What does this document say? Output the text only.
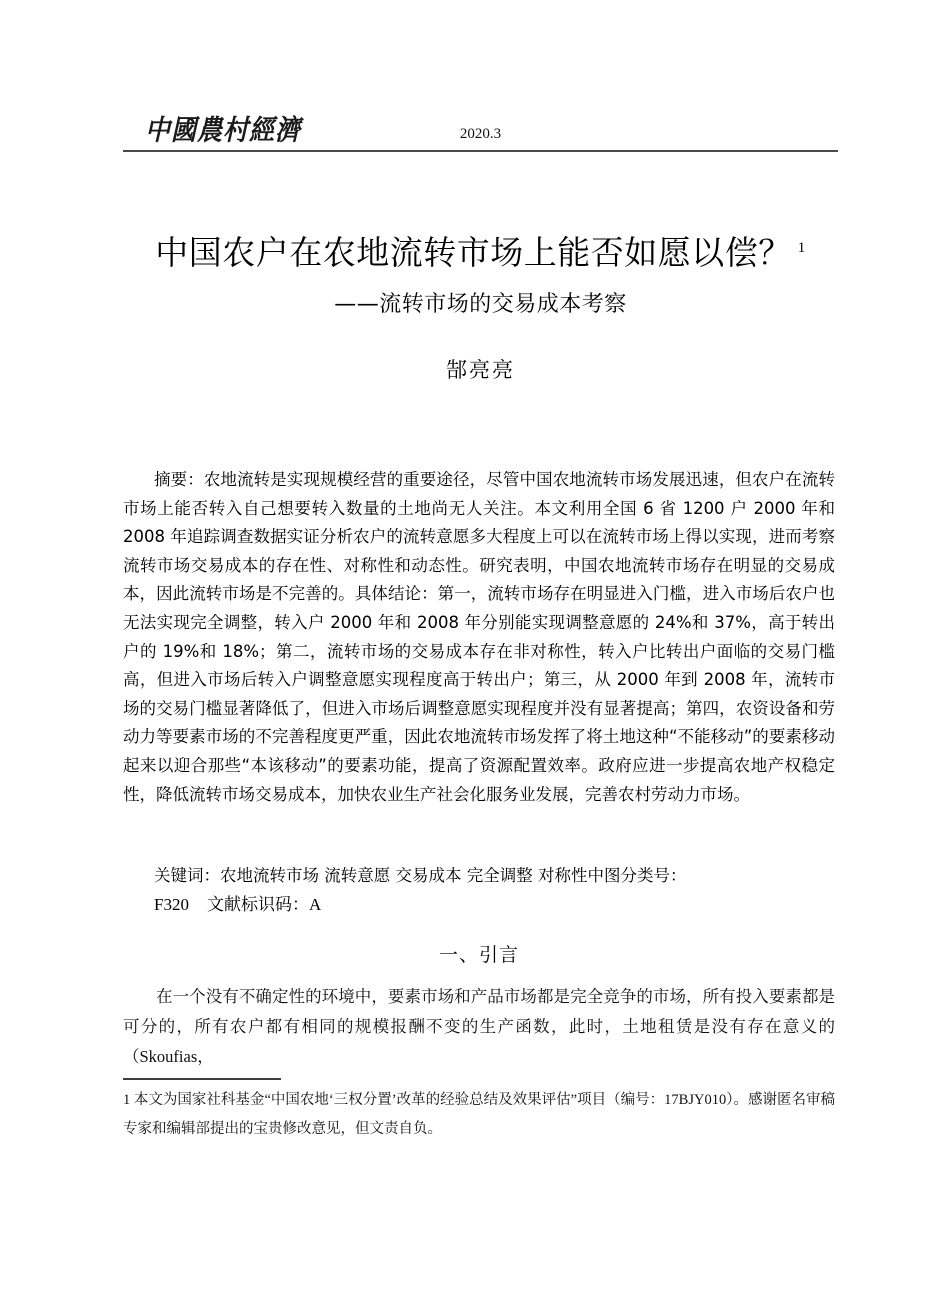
中國農村經濟	2020.3
中国农户在农地流转市场上能否如愿以偿？ $^1$
——流转市场的交易成本考察
郜亮亮
摘要：农地流转是实现规模经营的重要途径，尽管中国农地流转市场发展迅速，但农户在流转市场上能否转入自己想要转入数量的土地尚无人关注。本文利用全国 6 省 1200 户 2000 年和 2008 年追踪调查数据实证分析农户的流转意愿多大程度上可以在流转市场上得以实现，进而考察流转市场交易成本的存在性、对称性和动态性。研究表明，中国农地流转市场存在明显的交易成本，因此流转市场是不完善的。具体结论：第一，流转市场存在明显进入门槛，进入市场后农户也无法实现完全调整，转入户 2000 年和 2008 年分别能实现调整意愿的 24%和 37%，高于转出户的 19%和 18%；第二，流转市场的交易成本存在非对称性，转入户比转出户面临的交易门槛高，但进入市场后转入户调整意愿实现程度高于转出户；第三，从 2000 年到 2008 年，流转市场的交易门槛显著降低了，但进入市场后调整意愿实现程度并没有显著提高；第四，农资设备和劳动力等要素市场的不完善程度更严重，因此农地流转市场发挥了将土地这种“不能移动”的要素移动起来以迎合那些“本该移动”的要素功能，提高了资源配置效率。政府应进一步提高农地产权稳定性，降低流转市场交易成本，加快农业生产社会化服务业发展，完善农村劳动力市场。
关键词：农地流转市场 流转意愿 交易成本 完全调整 对称性中图分类号：
F320 文献标识码：A
一、引言
在一个没有不确定性的环境中，要素市场和产品市场都是完全竞争的市场，所有投入要素都是可分的，所有农户都有相同的规模报酬不变的生产函数，此时，土地租赁是没有存在意义的（Skoufias，
1 本文为国家社科基金“中国农地‘三权分置’改革的经验总结及效果评估”项目（编号：17BJY010）。感谢匿名审稿专家和编辑部提出的宝贵修改意见，但文责自负。
